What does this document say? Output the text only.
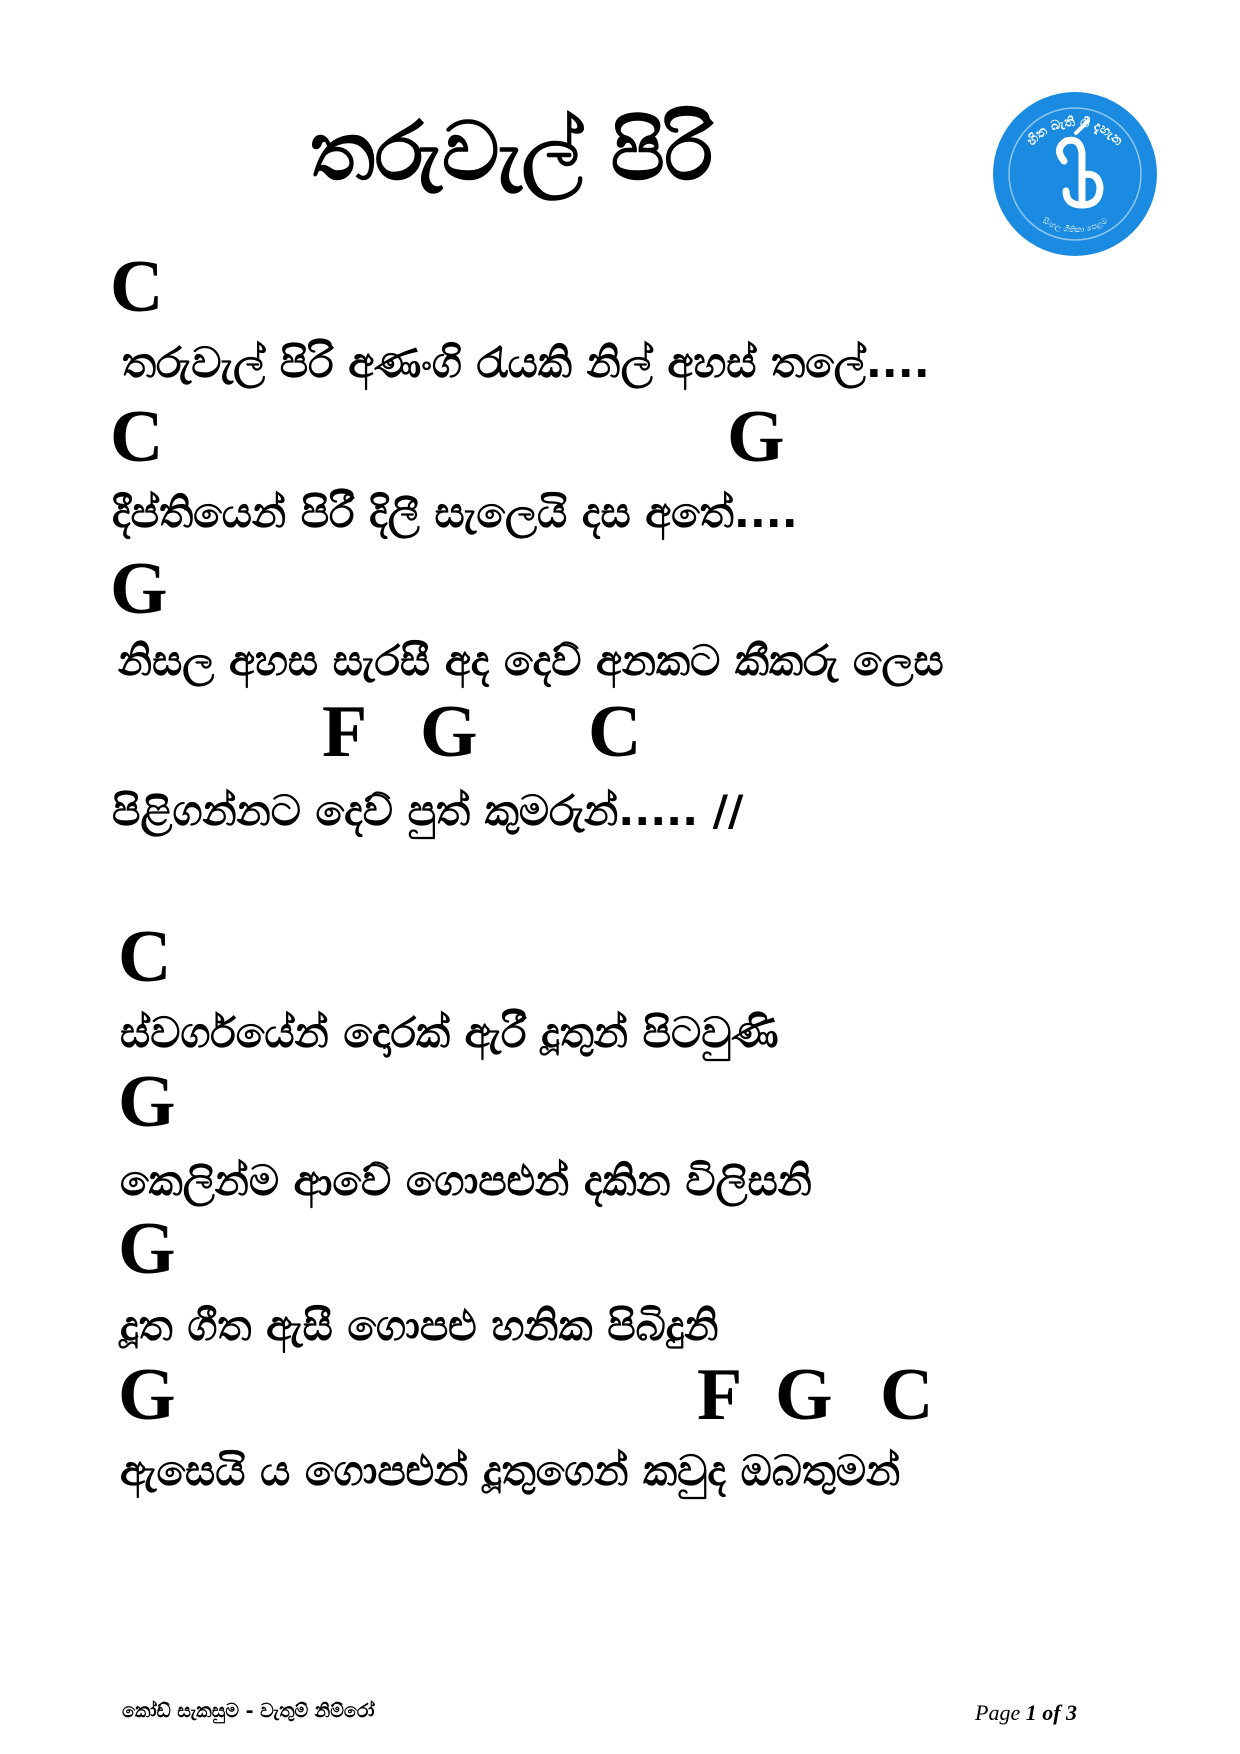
තරුවැල් පිරි	හිත බැති ගී දැහැන
සිංහල ගීතිකා පෙළම
C
තරුවැල් පිරි අණංගි රැයකි නිල් අහස් තලේ....
C	G
දීප්තියෙන් පිරී දිලී සැලෙයි දස අතේ....
G
නිසල අහස සැරසී අද දෙව් අනකට කීකරු ලෙස
F G C
පිළිගන්නට දෙව් පුත් කුමරුන්..... //
C
ස්වර්ගයේන් දොරක් ඇරී දූතුන් පිටවුණි
G
කෙලින්ම ආවේ ගොපළුන් දකින විලිසනි
G
දූත ගීත ඇසී ගොපළු හනික පිබිදුනි
G	F G C
ඇසෙයි ය ගොපළුන් දූතුගෙන් කවුද ඔබතුමන්
කෝඩ් සැකසුම - වැතුම් නිම්රෝ	Page 1 of 3
